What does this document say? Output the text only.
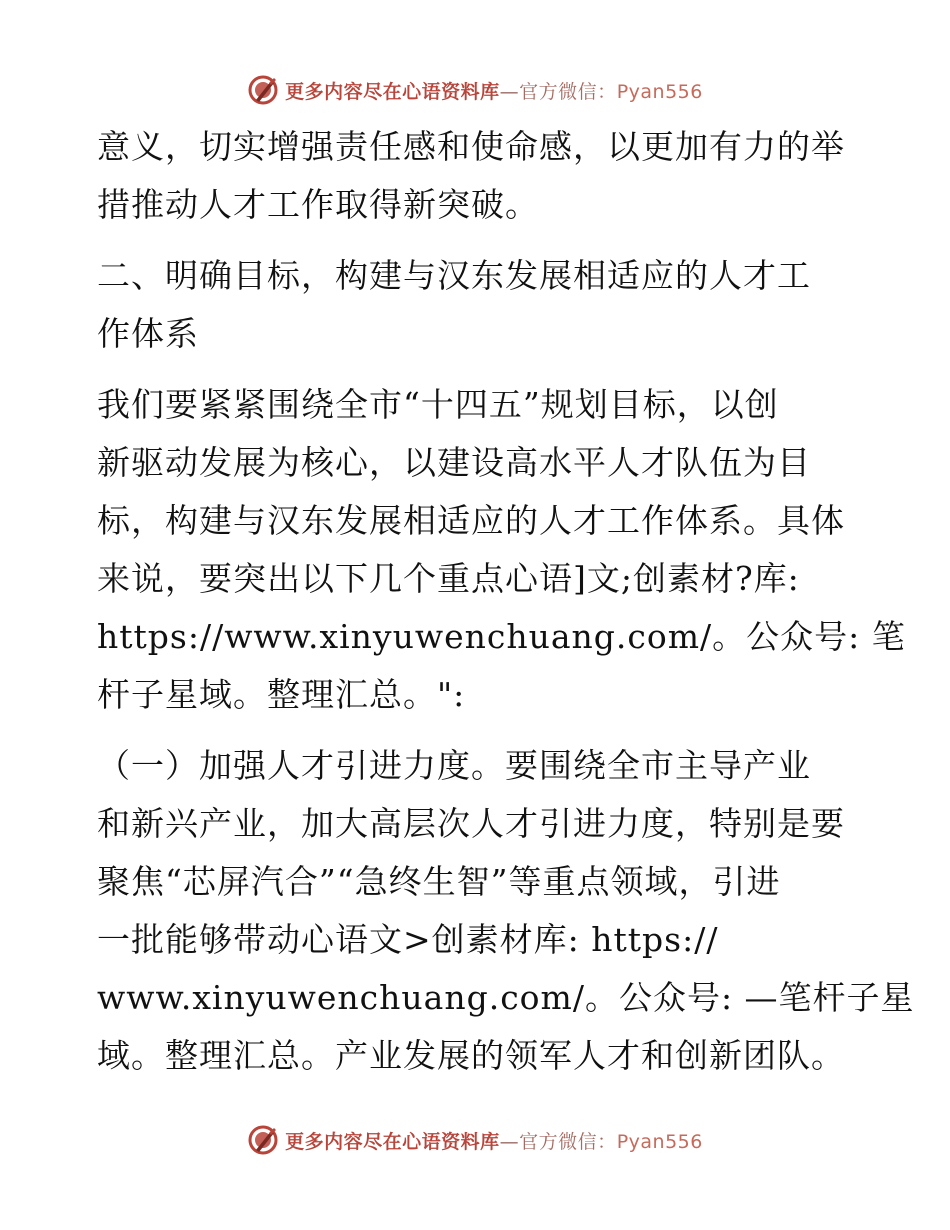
更多内容尽在心语资料库—官方微信：Pyan556
意义，切实增强责任感和使命感，以更加有力的举
措推动人才工作取得新突破。
二、明确目标，构建与汉东发展相适应的人才工
作体系
我们要紧紧围绕全市“十四五”规划目标，以创
新驱动发展为核心，以建设高水平人才队伍为目
标，构建与汉东发展相适应的人才工作体系。具体
来说，要突出以下几个重点心语]文;创素材?库:
https://www.xinyuwenchuang.com/。公众号: 笔
杆子星域。整理汇总。":
（一）加强人才引进力度。要围绕全市主导产业
和新兴产业，加大高层次人才引进力度，特别是要
聚焦“芯屏汽合”“急终生智”等重点领域，引进
一批能够带动心语文>创素材库: https://
www.xinyuwenchuang.com/。公众号: —笔杆子星
域。整理汇总。产业发展的领军人才和创新团队。
更多内容尽在心语资料库—官方微信：Pyan556
